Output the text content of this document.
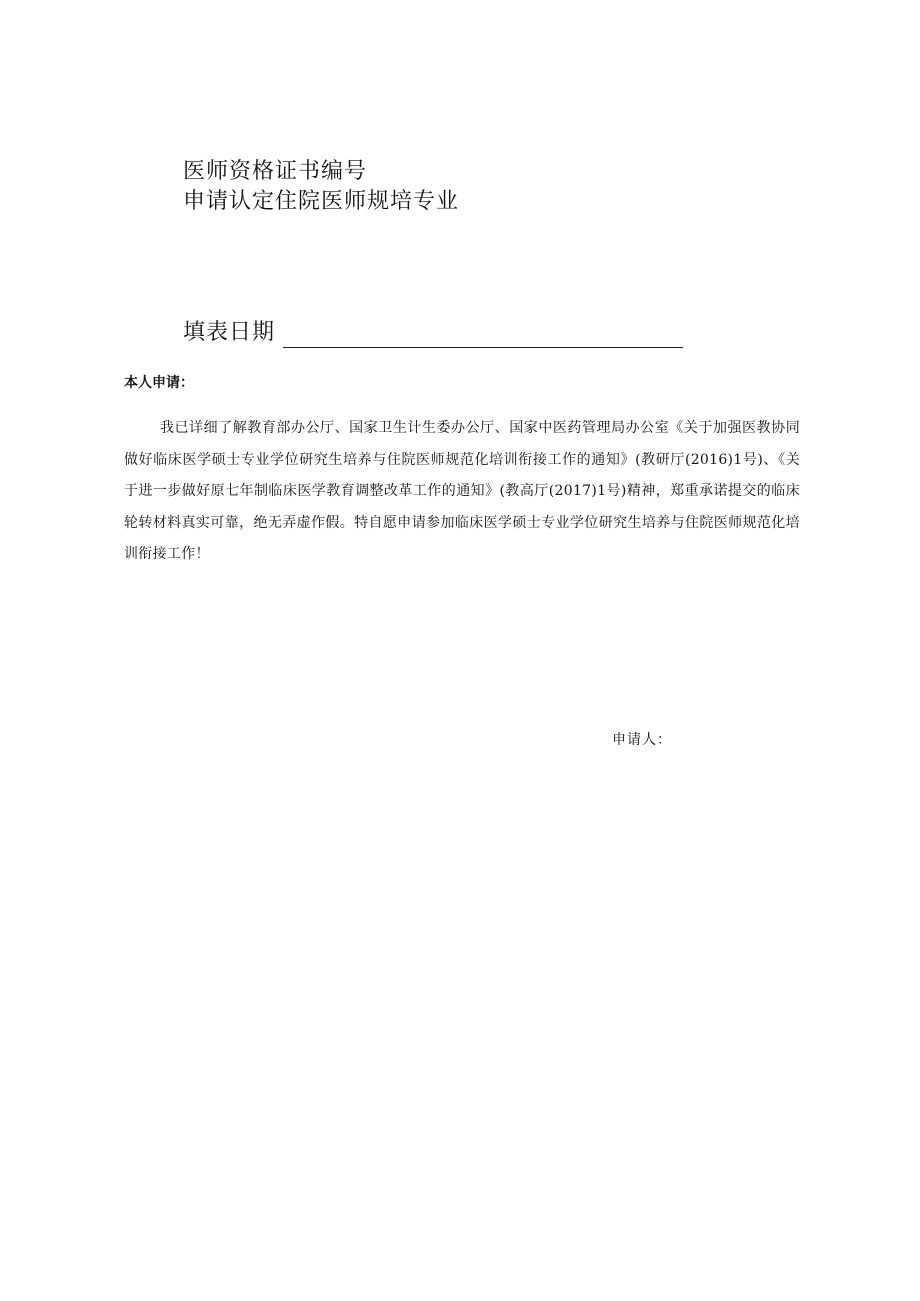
医师资格证书编号
申请认定住院医师规培专业
填表日期
本人申请：

我已详细了解教育部办公厅、国家卫生计生委办公厅、国家中医药管理局办公室《关于加强医教协同做好临床医学硕士专业学位研究生培养与住院医师规范化培训衔接工作的通知》(教研厅(2016)1号)、《关于进一步做好原七年制临床医学教育调整改革工作的通知》(教高厅(2017)1号)精神，郑重承诺提交的临床轮转材料真实可靠，绝无弄虚作假。特自愿申请参加临床医学硕士专业学位研究生培养与住院医师规范化培训衔接工作！

申请人：
